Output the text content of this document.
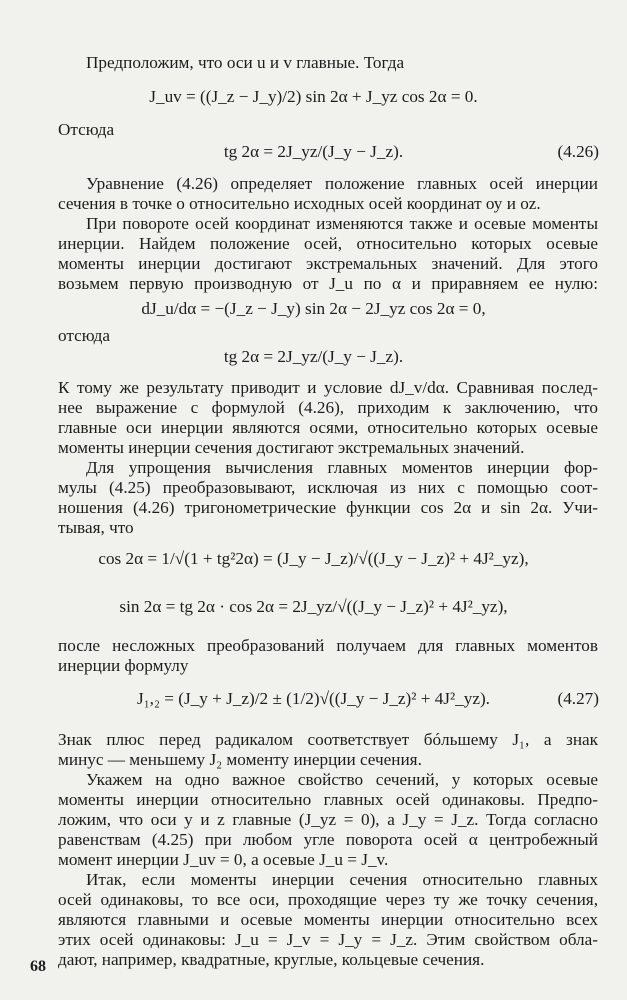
Предположим, что оси u и v главные. Тогда
J_uv = ((J_z − J_y)/2) sin 2α + J_yz cos 2α = 0.
Отсюда
tg 2α = 2J_yz/(J_y − J_z).	(4.26)
Уравнение (4.26) определяет положение главных осей инерции
сечения в точке о относительно исходных осей координат оу и oz.
При повороте осей координат изменяются также и осевые моменты
инерции. Найдем положение осей, относительно которых осевые
моменты инерции достигают экстремальных значений. Для этого
возьмем первую производную от J_u по α и приравняем ее нулю:
dJ_u/dα = −(J_z − J_y) sin 2α − 2J_yz cos 2α = 0,
отсюда
tg 2α = 2J_yz/(J_y − J_z).
К тому же результату приводит и условие dJ_v/dα. Сравнивая послед-
нее выражение с формулой (4.26), приходим к заключению, что
главные оси инерции являются осями, относительно которых осевые
моменты инерции сечения достигают экстремальных значений.
Для упрощения вычисления главных моментов инерции фор-
мулы (4.25) преобразовывают, исключая из них с помощью соот-
ношения (4.26) тригонометрические функции cos 2α и sin 2α. Учи-
тывая, что
cos 2α = 1/√(1 + tg²2α) = (J_y − J_z)/√((J_y − J_z)² + 4J²_yz),
sin 2α = tg 2α · cos 2α = 2J_yz/√((J_y − J_z)² + 4J²_yz),
после несложных преобразований получаем для главных моментов
инерции формулу
J₁,₂ = (J_y + J_z)/2 ± (1/2)√((J_y − J_z)² + 4J²_yz).	(4.27)
Знак плюс перед радикалом соответствует бóльшему J₁, а знак
минус — меньшему J₂ моменту инерции сечения.
Укажем на одно важное свойство сечений, у которых осевые
моменты инерции относительно главных осей одинаковы. Предпо-
ложим, что оси y и z главные (J_yz = 0), а J_y = J_z. Тогда согласно
равенствам (4.25) при любом угле поворота осей α центробежный
момент инерции J_uv = 0, а осевые J_u = J_v.
Итак, если моменты инерции сечения относительно главных
осей одинаковы, то все оси, проходящие через ту же точку сечения,
являются главными и осевые моменты инерции относительно всех
этих осей одинаковы: J_u = J_v = J_y = J_z. Этим свойством обла-
дают, например, квадратные, круглые, кольцевые сечения.
68
